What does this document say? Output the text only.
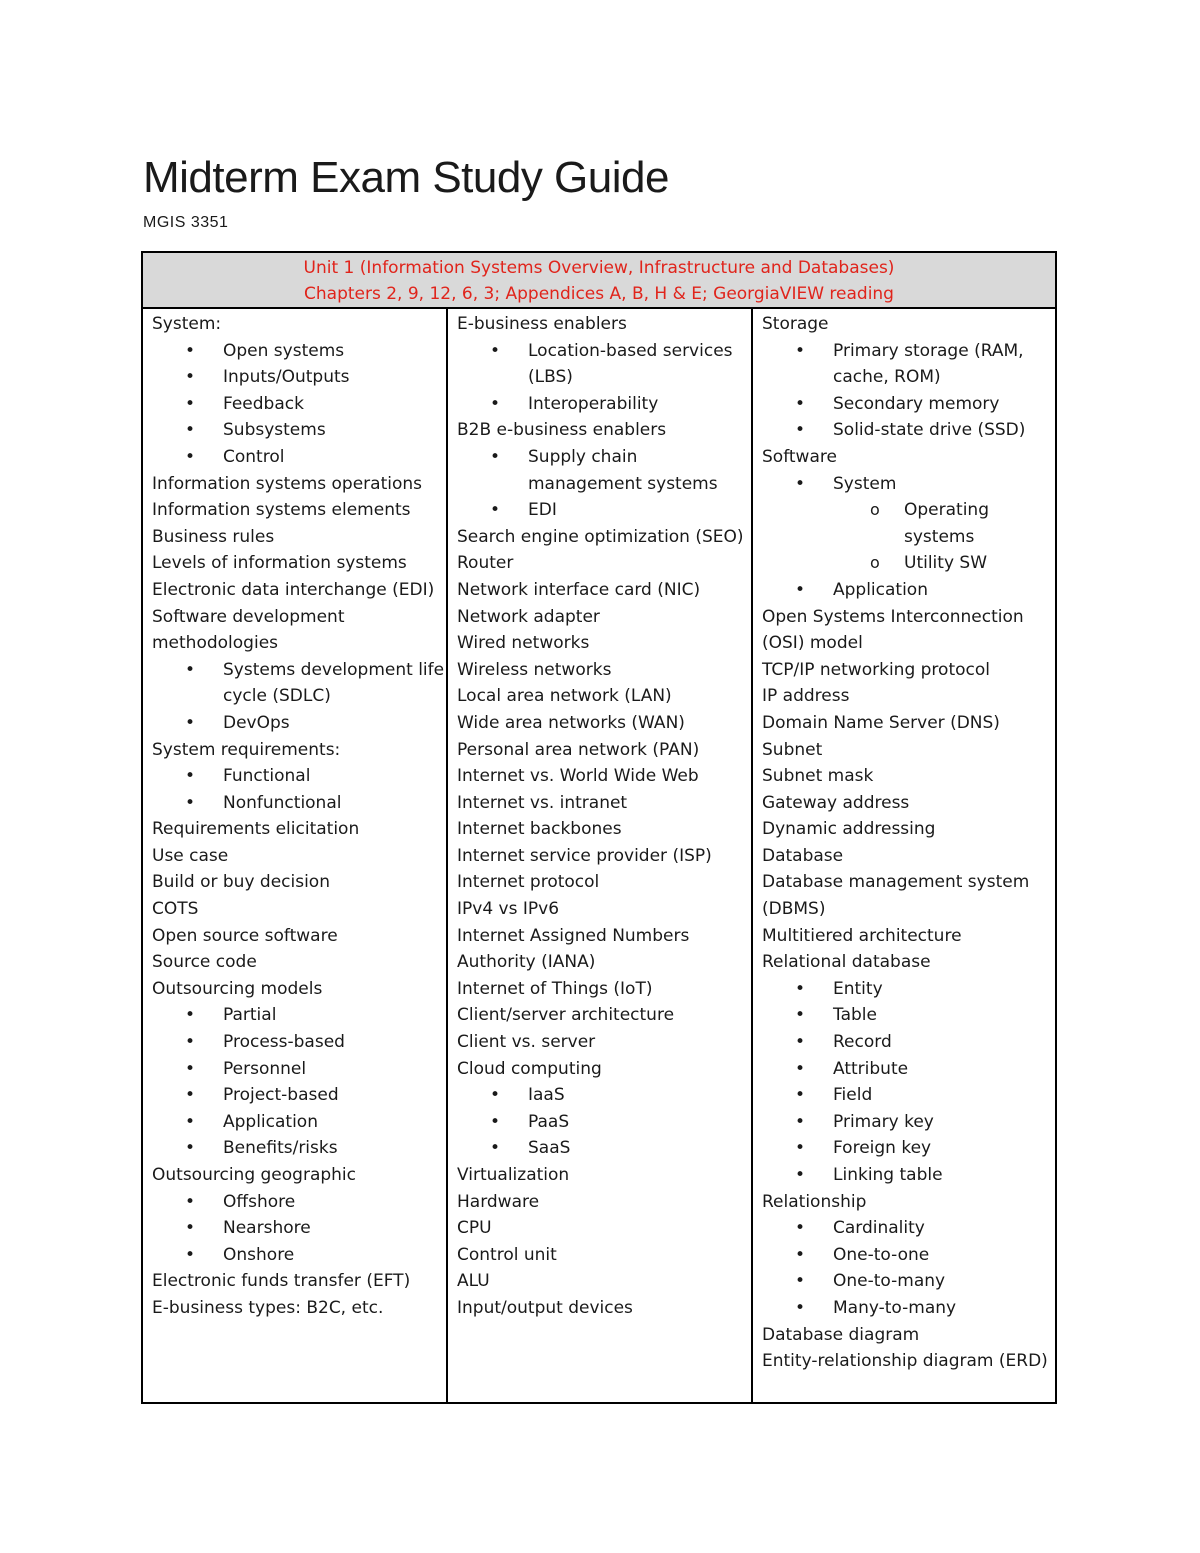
Midterm Exam Study Guide
MGIS 3351
Unit 1 (Information Systems Overview, Infrastructure and Databases)
Chapters 2, 9, 12, 6, 3; Appendices A, B, H & E; GeorgiaVIEW reading
System:
• Open systems
• Inputs/Outputs
• Feedback
• Subsystems
• Control
Information systems operations
Information systems elements
Business rules
Levels of information systems
Electronic data interchange (EDI)
Software development methodologies
• Systems development life cycle (SDLC)
• DevOps
System requirements:
• Functional
• Nonfunctional
Requirements elicitation
Use case
Build or buy decision
COTS
Open source software
Source code
Outsourcing models
• Partial
• Process-based
• Personnel
• Project-based
• Application
• Benefits/risks
Outsourcing geographic
• Offshore
• Nearshore
• Onshore
Electronic funds transfer (EFT)
E-business types: B2C, etc.
E-business enablers
• Location-based services (LBS)
• Interoperability
B2B e-business enablers
• Supply chain management systems
• EDI
Search engine optimization (SEO)
Router
Network interface card (NIC)
Network adapter
Wired networks
Wireless networks
Local area network (LAN)
Wide area networks (WAN)
Personal area network (PAN)
Internet vs. World Wide Web
Internet vs. intranet
Internet backbones
Internet service provider (ISP)
Internet protocol
IPv4 vs IPv6
Internet Assigned Numbers Authority (IANA)
Internet of Things (IoT)
Client/server architecture
Client vs. server
Cloud computing
• IaaS
• PaaS
• SaaS
Virtualization
Hardware
CPU
Control unit
ALU
Input/output devices
Storage
• Primary storage (RAM, cache, ROM)
• Secondary memory
• Solid-state drive (SSD)
Software
• System
o Operating systems
o Utility SW
• Application
Open Systems Interconnection (OSI) model
TCP/IP networking protocol
IP address
Domain Name Server (DNS)
Subnet
Subnet mask
Gateway address
Dynamic addressing
Database
Database management system (DBMS)
Multitiered architecture
Relational database
• Entity
• Table
• Record
• Attribute
• Field
• Primary key
• Foreign key
• Linking table
Relationship
• Cardinality
• One-to-one
• One-to-many
• Many-to-many
Database diagram
Entity-relationship diagram (ERD)
